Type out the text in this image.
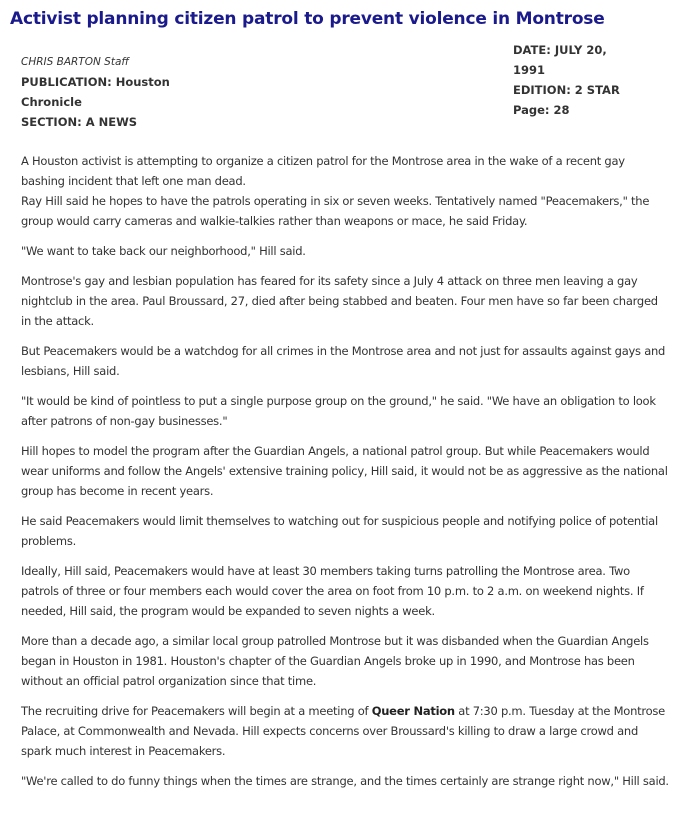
Activist planning citizen patrol to prevent violence in Montrose
CHRIS BARTON Staff
PUBLICATION: Houston
Chronicle
SECTION: A NEWS
DATE: JULY 20,
1991
EDITION: 2 STAR
Page: 28

A Houston activist is attempting to organize a citizen patrol for the Montrose area in the wake of a recent gay bashing incident that left one man dead.

Ray Hill said he hopes to have the patrols operating in six or seven weeks. Tentatively named "Peacemakers," the group would carry cameras and walkie-talkies rather than weapons or mace, he said Friday.

"We want to take back our neighborhood," Hill said.

Montrose's gay and lesbian population has feared for its safety since a July 4 attack on three men leaving a gay nightclub in the area. Paul Broussard, 27, died after being stabbed and beaten. Four men have so far been charged in the attack.

But Peacemakers would be a watchdog for all crimes in the Montrose area and not just for assaults against gays and lesbians, Hill said.

"It would be kind of pointless to put a single purpose group on the ground," he said. "We have an obligation to look after patrons of non-gay businesses."

Hill hopes to model the program after the Guardian Angels, a national patrol group. But while Peacemakers would wear uniforms and follow the Angels' extensive training policy, Hill said, it would not be as aggressive as the national group has become in recent years.

He said Peacemakers would limit themselves to watching out for suspicious people and notifying police of potential problems.

Ideally, Hill said, Peacemakers would have at least 30 members taking turns patrolling the Montrose area. Two patrols of three or four members each would cover the area on foot from 10 p.m. to 2 a.m. on weekend nights. If needed, Hill said, the program would be expanded to seven nights a week.

More than a decade ago, a similar local group patrolled Montrose but it was disbanded when the Guardian Angels began in Houston in 1981. Houston's chapter of the Guardian Angels broke up in 1990, and Montrose has been without an official patrol organization since that time.

The recruiting drive for Peacemakers will begin at a meeting of Queer Nation at 7:30 p.m. Tuesday at the Montrose Palace, at Commonwealth and Nevada. Hill expects concerns over Broussard's killing to draw a large crowd and spark much interest in Peacemakers.

"We're called to do funny things when the times are strange, and the times certainly are strange right now," Hill said.
